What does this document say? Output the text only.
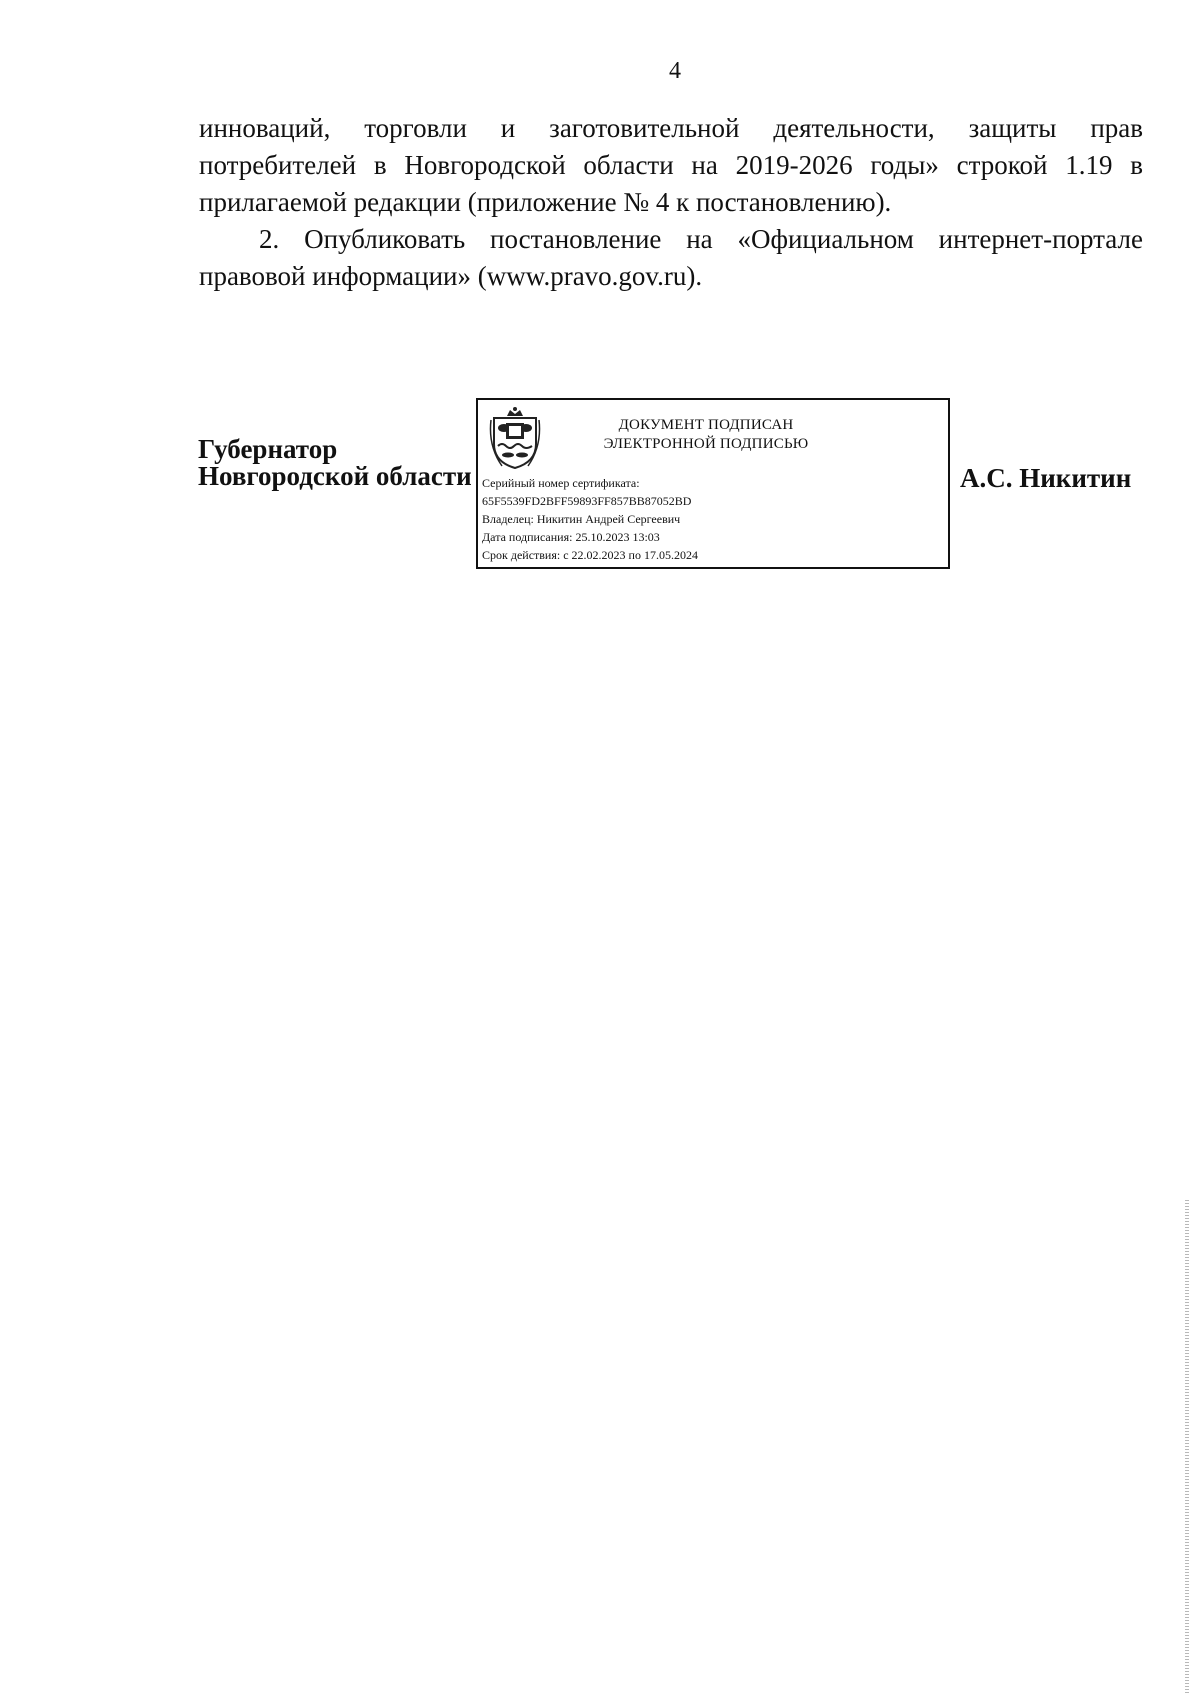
4

инноваций, торговли и заготовительной деятельности, защиты прав потребителей в Новгородской области на 2019-2026 годы» строкой 1.19 в прилагаемой редакции (приложение № 4 к постановлению).

2. Опубликовать постановление на «Официальном интернет-портале правовой информации» (www.pravo.gov.ru).

Губернатор
Новгородской области
ДОКУМЕНТ ПОДПИСАН
ЭЛЕКТРОННОЙ ПОДПИСЬЮ
Серийный номер сертификата:
65F5539FD2BFF59893FF857BB87052BD
Владелец: Никитин Андрей Сергеевич
Дата подписания: 25.10.2023 13:03
Срок действия: с 22.02.2023 по 17.05.2024
А.С. Никитин
